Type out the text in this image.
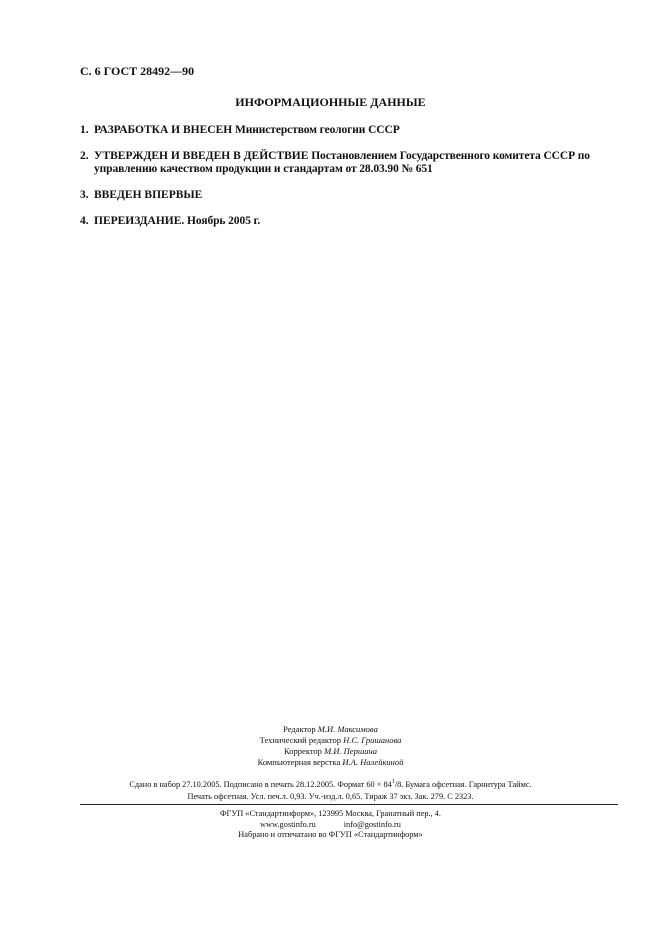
С. 6 ГОСТ 28492—90
ИНФОРМАЦИОННЫЕ ДАННЫЕ
1. РАЗРАБОТКА И ВНЕСЕН Министерством геологии СССР
2. УТВЕРЖДЕН И ВВЕДЕН В ДЕЙСТВИЕ Постановлением Государственного комитета СССР по управлению качеством продукции и стандартам от 28.03.90 № 651
3. ВВЕДЕН ВПЕРВЫЕ
4. ПЕРЕИЗДАНИЕ. Ноябрь 2005 г.
Редактор М.И. Максимова
Технический редактор Н.С. Гришанова
Корректор М.И. Першина
Компьютерная верстка И.А. Налейкиной
Сдано в набор 27.10.2005. Подписано в печать 28.12.2005. Формат $60 \times 84^1/8$. Бумага офсетная. Гарнитура Таймс.
Печать офсетная. Усл. печ.л. 0,93. Уч.-изд.л. 0,65. Тираж 37 экз. Зак. 279. С 2323.
ФГУП «Стандартинформ», 123995 Москва, Гранатный пер., 4.
www.gostinfo.ru	info@gostinfo.ru
Набрано и отпечатано во ФГУП «Стандартинформ»
